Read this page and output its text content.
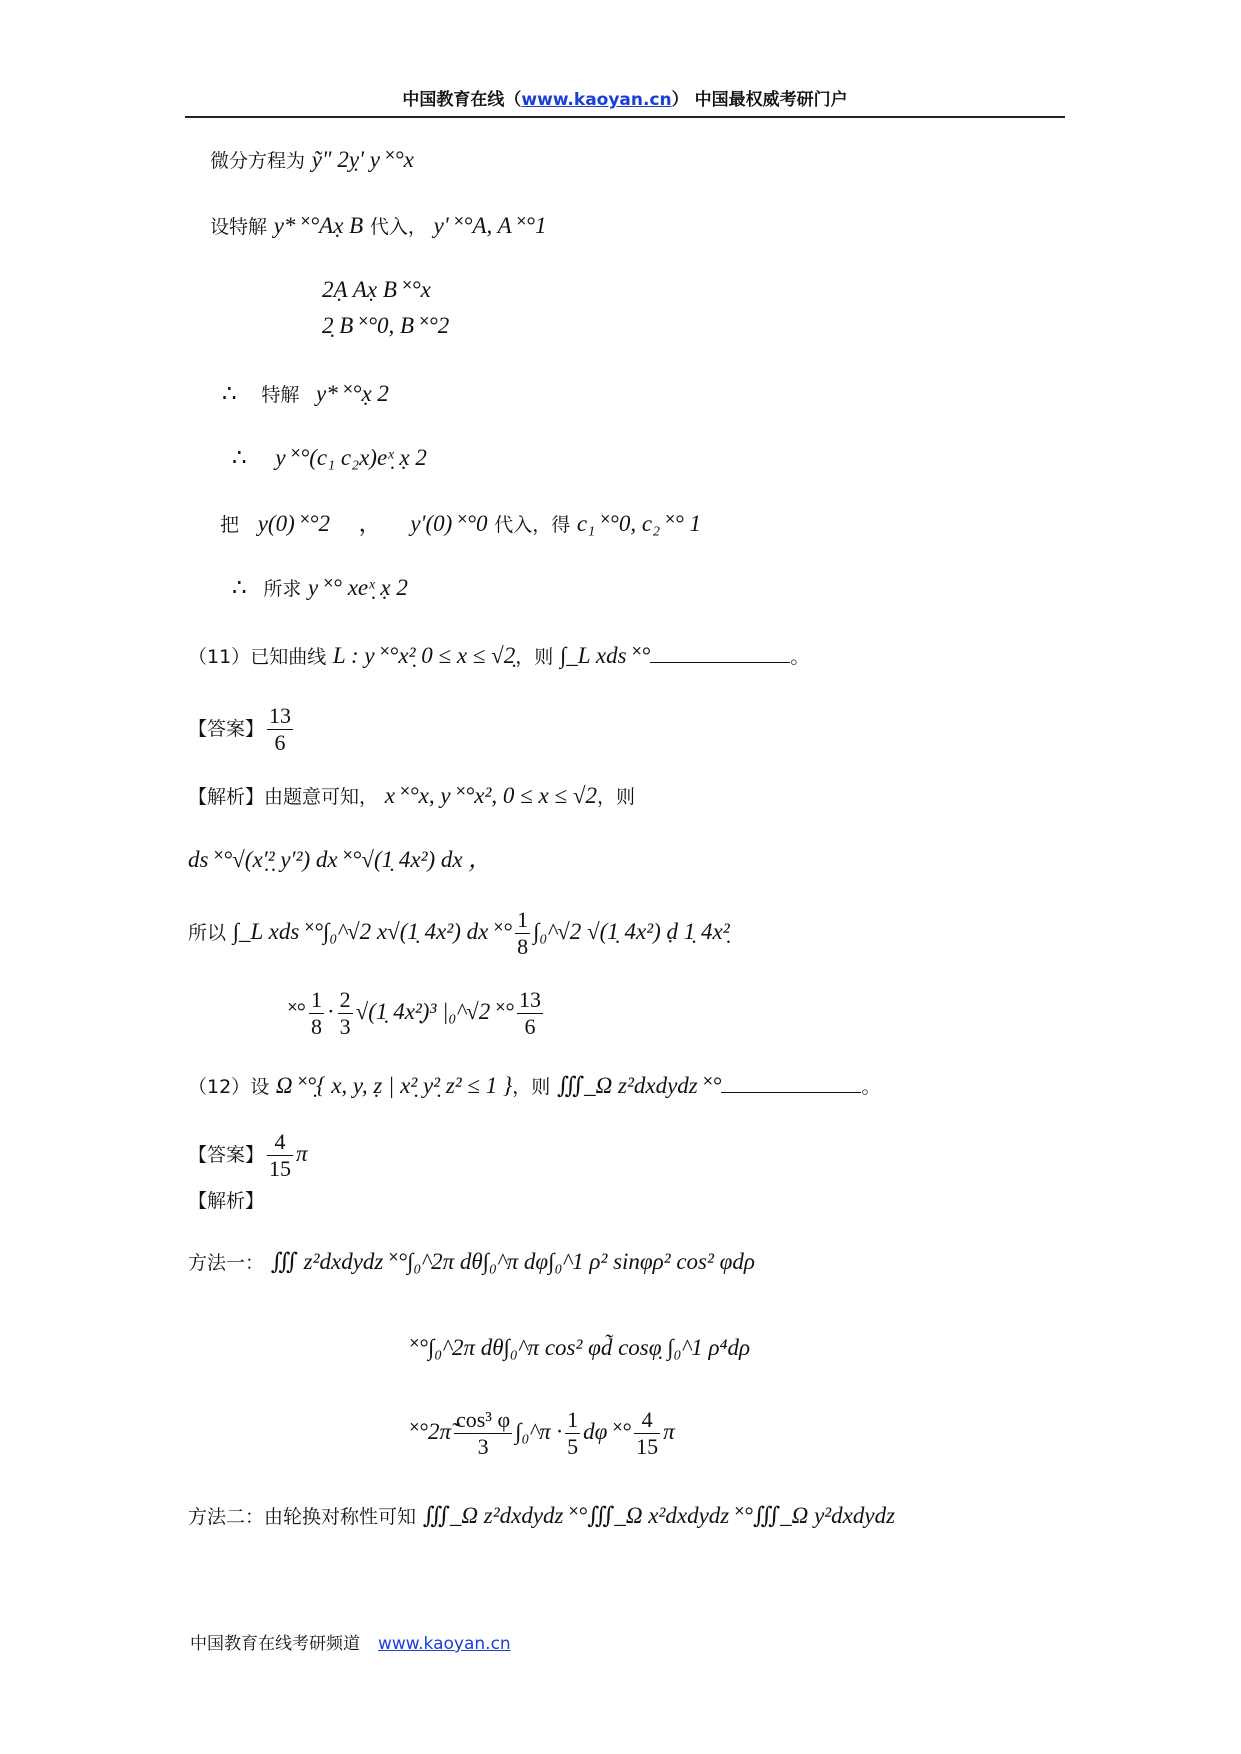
中国教育在线（www.kaoyan.cn） 中国最权威考研门户
微分方程为 ỹ" 2ỵ' y ˟°x
设特解 y* ˟°Ax̣ B 代入， y' ˟°A, A ˟°1
2Ạ Ax̣ B ˟°x
2̣ B ˟°0, B ˟°2
∴ 特解 y* ˟°x̣ 2
∴ y ˟°(c₁ c₂x)eˣ̣ x̣ 2
把 y(0) ˟°2 ， y'(0) ˟°0 代入，得 c₁ ˟°0, c₂ ˟° 1
∴ 所求 y ˟° xeˣ̣ x̣ 2
（11）已知曲线 L : y ˟°x²̣ 0 ≤ x ≤ √2̣，则 ∫_L xds ˟°	。
【答案】 $\frac{13}{6}$
【解析】由题意可知， x ˟°x, y ˟°x², 0 ≤ x ≤ √2，则
ds ˟°√(x′̣²̣ y′²) dx ˟°√(1̣ 4x²) dx ，
所以 ∫_L xds ˟°∫₀^√2 x√(1̣ 4x²) dx ˟° $\frac{1}{8}$ ∫₀^√2 √(1̣ 4x²) ḍ 1̣ 4x²̣
˟° $\frac{1}{8} \cdot \frac{2}{3}$ √(1̣ 4x²̣)³ |₀^√2 ˟° $\frac{13}{6}$
（12）设 Ω ˟°̣{ x, y, ẓ | x²̣ y²̣ z² ≤ 1 }，则 ∭_Ω z²dxdydz ˟°	。
【答案】 $\frac{4}{15}$ π
【解析】
方法一： ∭ z²dxdydz ˟°∫₀^2π dθ∫₀^π dφ∫₀^1 ρ² sinφρ² cos² φdρ
˟°∫₀^2π dθ∫₀^π cos² φd̃ cosφ̣ ∫₀^1 ρ⁴dρ
˟°2π̃ $\frac{\text{cos³ φ}}{3}$ ∫₀^π · $\frac{1}{5}$ dφ ˟° $\frac{4}{15}$ π
方法二：由轮换对称性可知 ∭_Ω z²dxdydz ˟°∭_Ω x²dxdydz ˟°∭_Ω y²dxdydz
中国教育在线考研频道 www.kaoyan.cn
